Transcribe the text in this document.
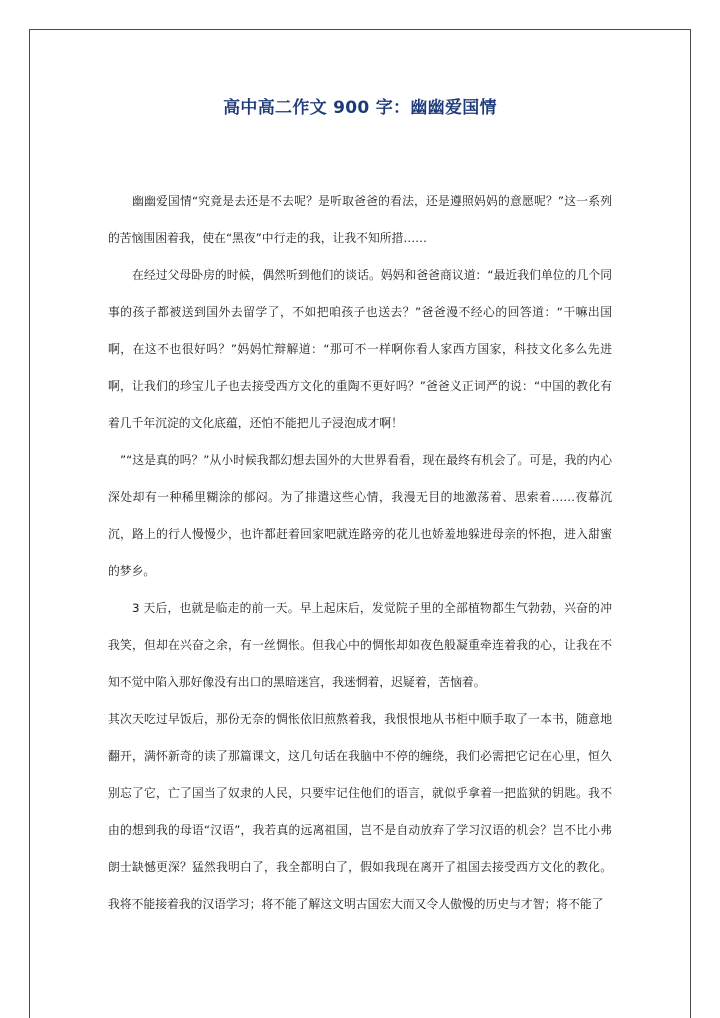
高中高二作文 900 字：幽幽爱国情

幽幽爱国情“究竟是去还是不去呢？是听取爸爸的看法，还是遵照妈妈的意愿呢？”这一系列的苦恼围困着我，使在“黑夜”中行走的我，让我不知所措……

在经过父母卧房的时候，偶然听到他们的谈话。妈妈和爸爸商议道：“最近我们单位的几个同事的孩子都被送到国外去留学了，不如把咱孩子也送去？”爸爸漫不经心的回答道：“干嘛出国啊，在这不也很好吗？”妈妈忙辩解道：“那可不一样啊你看人家西方国家，科技文化多么先进啊，让我们的珍宝儿子也去接受西方文化的重陶不更好吗？”爸爸义正词严的说：“中国的教化有着几千年沉淀的文化底蕴，还怕不能把儿子浸泡成才啊！

”“这是真的吗？”从小时候我都幻想去国外的大世界看看，现在最终有机会了。可是，我的内心深处却有一种稀里糊涂的郁闷。为了排遣这些心情，我漫无目的地激荡着、思索着……夜幕沉沉，路上的行人慢慢少，也许都赶着回家吧就连路旁的花儿也娇羞地躲进母亲的怀抱，进入甜蜜的梦乡。

3 天后，也就是临走的前一天。早上起床后，发觉院子里的全部植物都生气勃勃，兴奋的冲我笑，但却在兴奋之余，有一丝惆怅。但我心中的惆怅却如夜色般凝重牵连着我的心，让我在不知不觉中陷入那好像没有出口的黑暗迷宫，我迷惘着，迟疑着，苦恼着。

其次天吃过早饭后，那份无奈的惆怅依旧煎熬着我，我恨恨地从书柜中顺手取了一本书，随意地翻开，满怀新奇的读了那篇课文，这几句话在我脑中不停的缠绕，我们必需把它记在心里，恒久别忘了它，亡了国当了奴隶的人民，只要牢记住他们的语言，就似乎拿着一把监狱的钥匙。我不由的想到我的母语“汉语”，我若真的远离祖国，岂不是自动放弃了学习汉语的机会？岂不比小弗朗士缺憾更深？猛然我明白了，我全都明白了，假如我现在离开了祖国去接受西方文化的教化。我将不能接着我的汉语学习；将不能了解这文明古国宏大而又令人傲慢的历史与才智；将不能了
